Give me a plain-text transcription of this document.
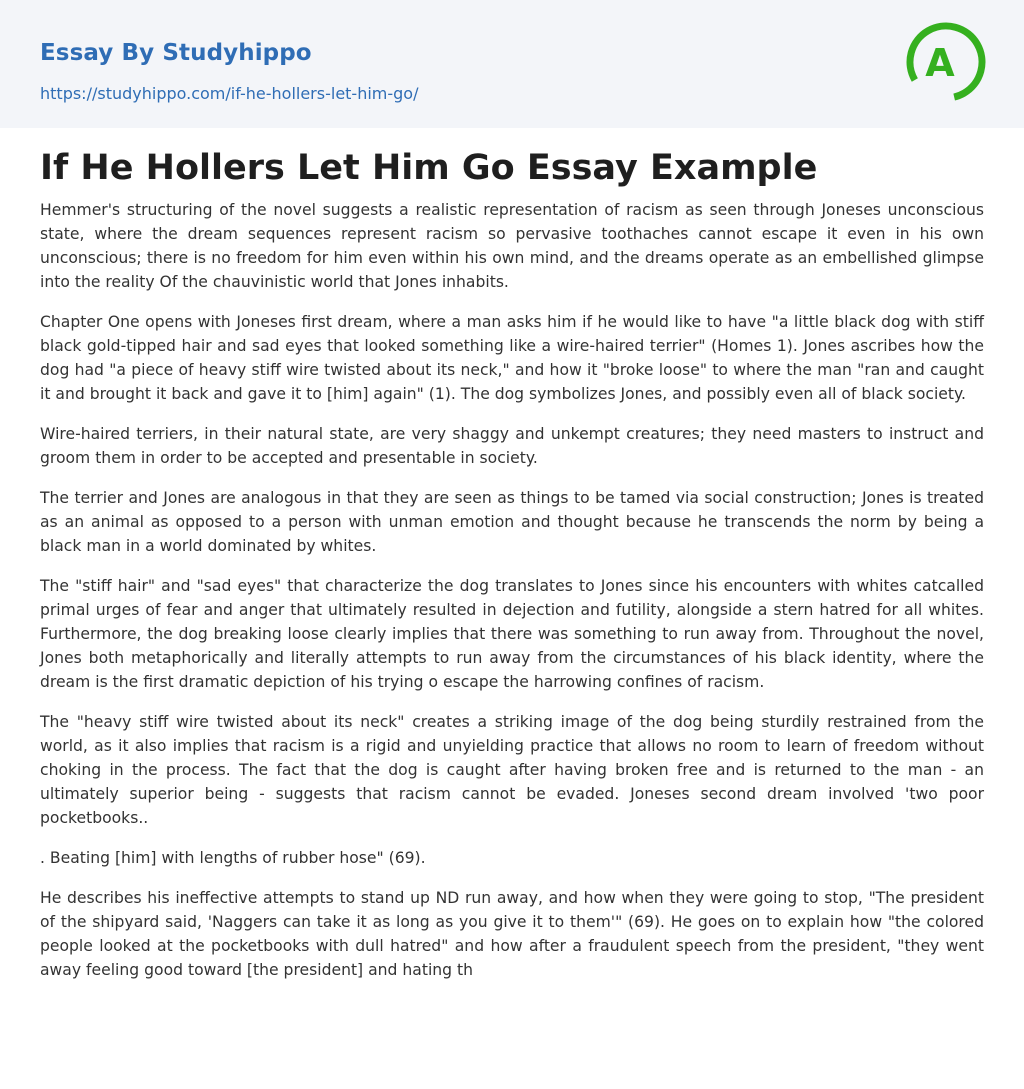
Essay By Studyhippo
https://studyhippo.com/if-he-hollers-let-him-go/
A
If He Hollers Let Him Go Essay Example

Hemmer's structuring of the novel suggests a realistic representation of racism as seen through Joneses unconscious state, where the dream sequences represent racism so pervasive toothaches cannot escape it even in his own unconscious; there is no freedom for him even within his own mind, and the dreams operate as an embellished glimpse into the reality Of the chauvinistic world that Jones inhabits.

Chapter One opens with Joneses first dream, where a man asks him if he would like to have "a little black dog with stiff black gold-tipped hair and sad eyes that looked something like a wire-haired terrier" (Homes 1). Jones ascribes how the dog had "a piece of heavy stiff wire twisted about its neck," and how it "broke loose" to where the man "ran and caught it and brought it back and gave it to [him] again" (1). The dog symbolizes Jones, and possibly even all of black society.

Wire-haired terriers, in their natural state, are very shaggy and unkempt creatures; they need masters to instruct and groom them in order to be accepted and presentable in society.

The terrier and Jones are analogous in that they are seen as things to be tamed via social construction; Jones is treated as an animal as opposed to a person with unman emotion and thought because he transcends the norm by being a black man in a world dominated by whites.

The "stiff hair" and "sad eyes" that characterize the dog translates to Jones since his encounters with whites catcalled primal urges of fear and anger that ultimately resulted in dejection and futility, alongside a stern hatred for all whites. Furthermore, the dog breaking loose clearly implies that there was something to run away from. Throughout the novel, Jones both metaphorically and literally attempts to run away from the circumstances of his black identity, where the dream is the first dramatic depiction of his trying o escape the harrowing confines of racism.

The "heavy stiff wire twisted about its neck" creates a striking image of the dog being sturdily restrained from the world, as it also implies that racism is a rigid and unyielding practice that allows no room to learn of freedom without choking in the process. The fact that the dog is caught after having broken free and is returned to the man - an ultimately superior being - suggests that racism cannot be evaded. Joneses second dream involved 'two poor pocketbooks..

. Beating [him] with lengths of rubber hose" (69).

He describes his ineffective attempts to stand up ND run away, and how when they were going to stop, "The president of the shipyard said, 'Naggers can take it as long as you give it to them'" (69). He goes on to explain how "the colored people looked at the pocketbooks with dull hatred" and how after a fraudulent speech from the president, "they went away feeling good toward [the president] and hating th
